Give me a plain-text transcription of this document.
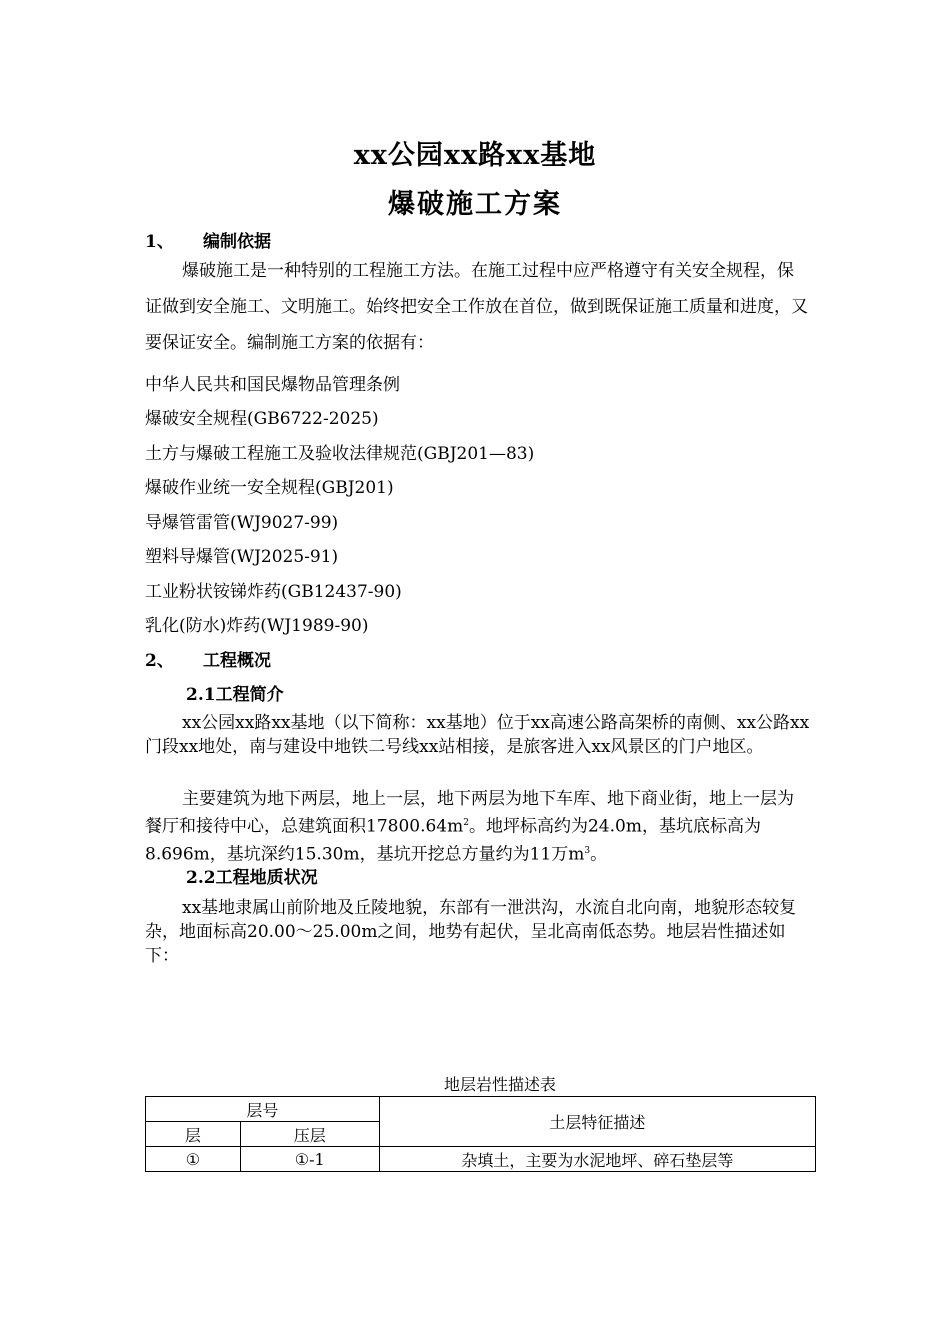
xx公园xx路xx基地
爆破施工方案
1、 编制依据
爆破施工是一种特别的工程施工方法。在施工过程中应严格遵守有关安全规程，保证做到安全施工、文明施工。始终把安全工作放在首位，做到既保证施工质量和进度，又要保证安全。编制施工方案的依据有：
中华人民共和国民爆物品管理条例
爆破安全规程(GB6722-2025)
土方与爆破工程施工及验收法律规范(GBJ201—83)
爆破作业统一安全规程(GBJ201)
导爆管雷管(WJ9027-99)
塑料导爆管(WJ2025-91)
工业粉状铵锑炸药(GB12437-90)
乳化(防水)炸药(WJ1989-90)
2、 工程概况
2.1工程简介
xx公园xx路xx基地（以下简称：xx基地）位于xx高速公路高架桥的南侧、xx公路xx门段xx地处，南与建设中地铁二号线xx站相接，是旅客进入xx风景区的门户地区。
主要建筑为地下两层，地上一层，地下两层为地下车库、地下商业街，地上一层为餐厅和接待中心，总建筑面积$17800.64m^2$。地坪标高约为24.0m，基坑底标高为8.696m，基坑深约15.30m，基坑开挖总方量约为11万$m^3$。
2.2工程地质状况
xx基地隶属山前阶地及丘陵地貌，东部有一泄洪沟，水流自北向南，地貌形态较复杂，地面标高20.00～25.00m之间，地势有起伏，呈北高南低态势。地层岩性描述如下：
地层岩性描述表
层号		土层特征描述
层	压层	
①	①-1	杂填土，主要为水泥地坪、碎石垫层等
